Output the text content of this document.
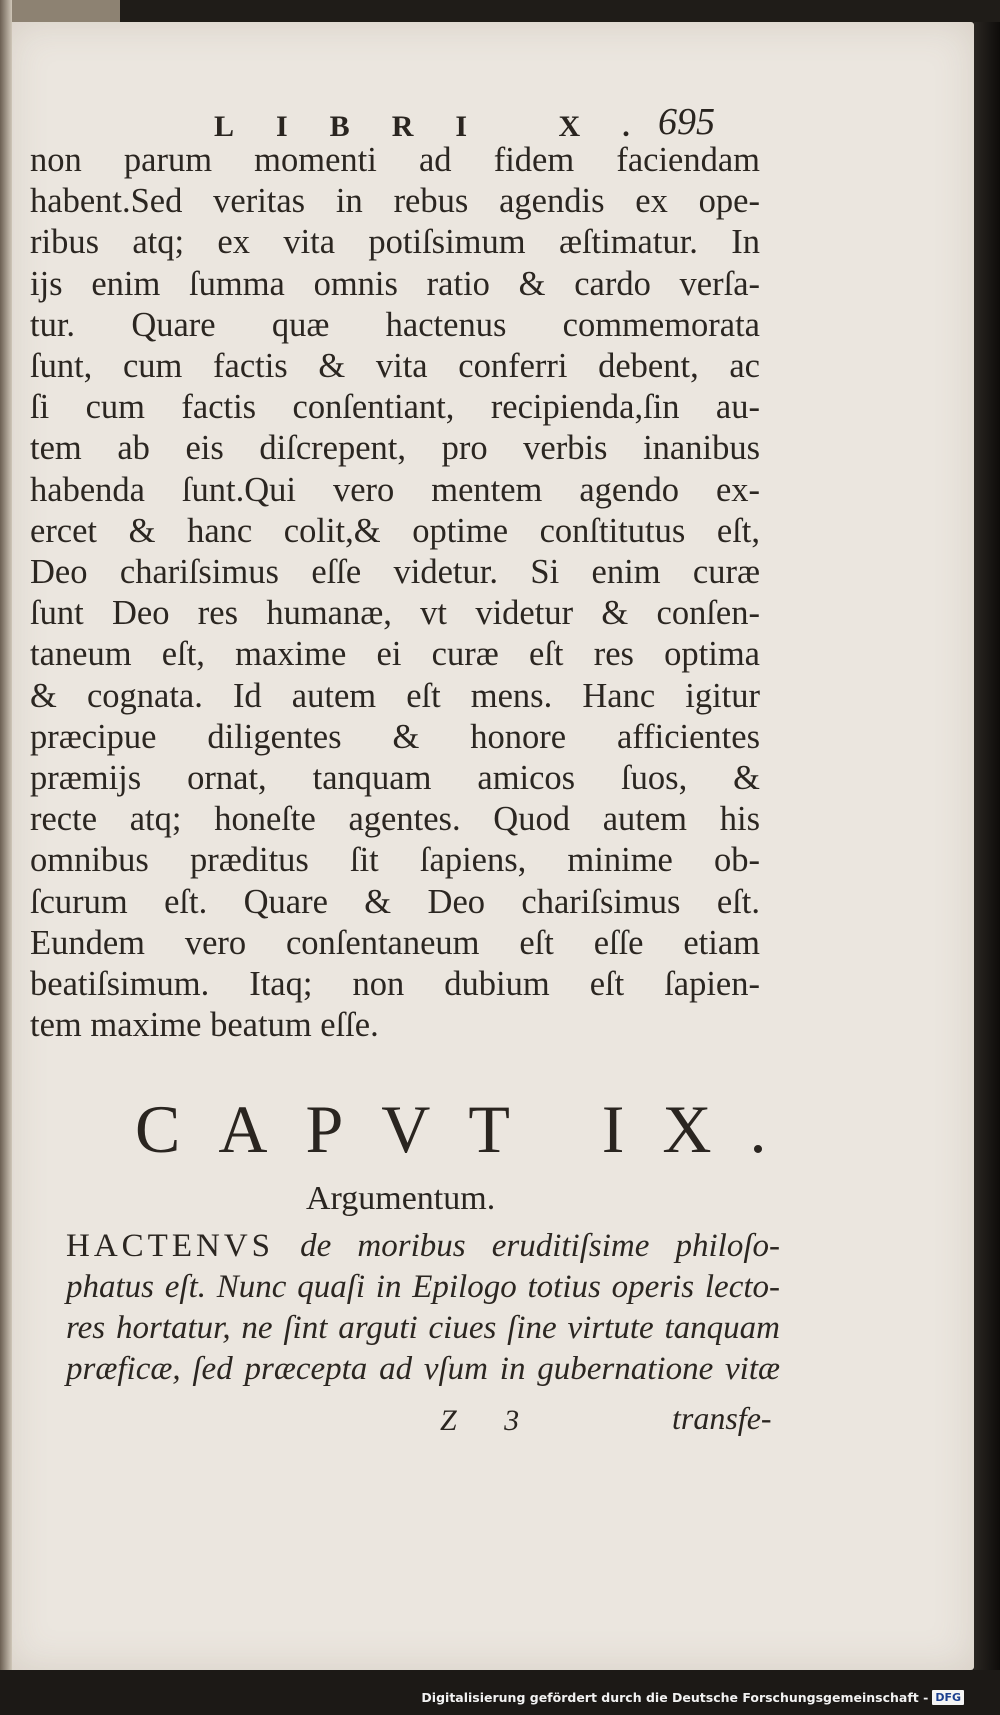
LIBRI X.
695
non parum momenti ad fidem faciendam
habent.Sed veritas in rebus agendis ex ope-
ribus atq; ex vita potiſsimum æſtimatur. In
ijs enim ſumma omnis ratio & cardo verſa-
tur. Quare quæ hactenus commemorata
ſunt, cum factis & vita conferri debent, ac
ſi cum factis conſentiant, recipienda,ſin au-
tem ab eis diſcrepent, pro verbis inanibus
habenda ſunt.Qui vero mentem agendo ex-
ercet & hanc colit,& optime conſtitutus eſt,
Deo chariſsimus eſſe videtur. Si enim curæ
ſunt Deo res humanæ, vt videtur & conſen-
taneum eſt, maxime ei curæ eſt res optima
& cognata. Id autem eſt mens. Hanc igitur
præcipue diligentes & honore afficientes
præmijs ornat, tanquam amicos ſuos, &
recte atq; honeſte agentes. Quod autem his
omnibus præditus ſit ſapiens, minime ob-
ſcurum eſt. Quare & Deo chariſsimus eſt.
Eundem vero conſentaneum eſt eſſe etiam
beatiſsimum. Itaq; non dubium eſt ſapien-
tem maxime beatum eſſe.
CAPVT IX.
Argumentum.
HACTENVS de moribus eruditiſsime philoſo-
phatus eſt. Nunc quaſi in Epilogo totius operis lecto-
res hortatur, ne ſint arguti ciues ſine virtute tanquam
præficæ, ſed præcepta ad vſum in gubernatione vitæ
Z 3	transfe-
Digitalisierung gefördert durch die Deutsche Forschungsgemeinschaft - DFG
